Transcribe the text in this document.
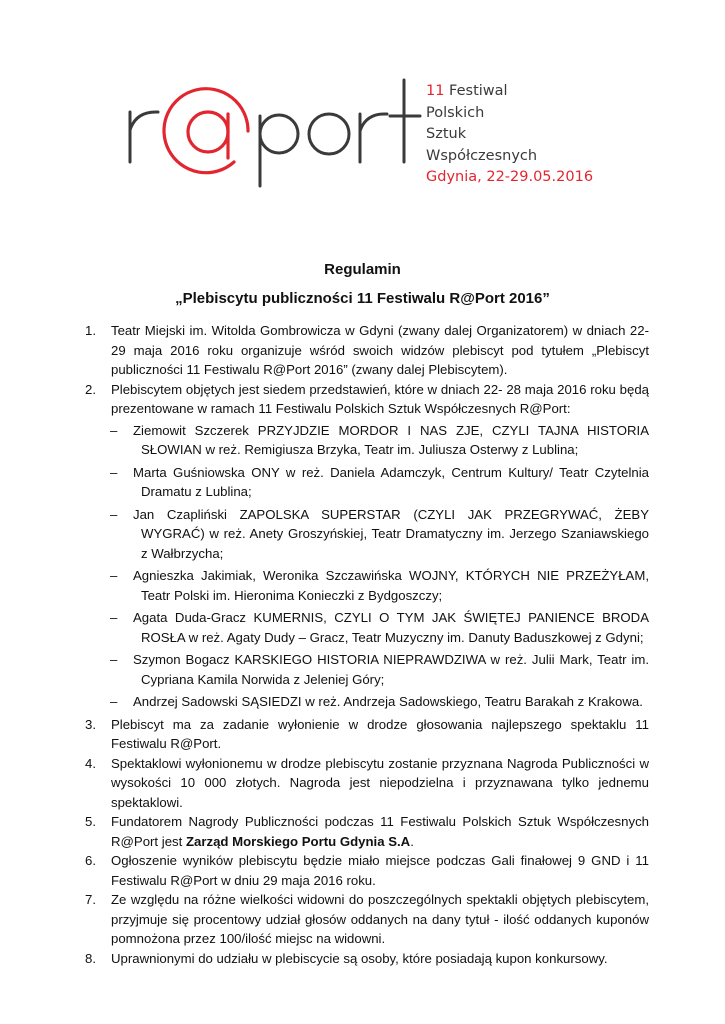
11 Festiwal
Polskich
Sztuk
Współczesnych
Gdynia, 22-29.05.2016
Regulamin
„Plebiscytu publiczności 11 Festiwalu R@Port 2016”
1. Teatr Miejski im. Witolda Gombrowicza w Gdyni (zwany dalej Organizatorem) w dniach 22-29 maja 2016 roku organizuje wśród swoich widzów plebiscyt pod tytułem „Plebiscyt publiczności 11 Festiwalu R@Port 2016” (zwany dalej Plebiscytem).
2. Plebiscytem objętych jest siedem przedstawień, które w dniach 22- 28 maja 2016 roku będą prezentowane w ramach 11 Festiwalu Polskich Sztuk Współczesnych R@Port:
– Ziemowit Szczerek PRZYJDZIE MORDOR I NAS ZJE, CZYLI TAJNA HISTORIA SŁOWIAN w reż. Remigiusza Brzyka, Teatr im. Juliusza Osterwy z Lublina;
– Marta Guśniowska ONY w reż. Daniela Adamczyk, Centrum Kultury/ Teatr Czytelnia Dramatu z Lublina;
– Jan Czapliński ZAPOLSKA SUPERSTAR (CZYLI JAK PRZEGRYWAĆ, ŻEBY WYGRAĆ) w reż. Anety Groszyńskiej, Teatr Dramatyczny im. Jerzego Szaniawskiego z Wałbrzycha;
– Agnieszka Jakimiak, Weronika Szczawińska WOJNY, KTÓRYCH NIE PRZEŻYŁAM, Teatr Polski im. Hieronima Konieczki z Bydgoszczy;
– Agata Duda-Gracz KUMERNIS, CZYLI O TYM JAK ŚWIĘTEJ PANIENCE BRODA ROSŁA w reż. Agaty Dudy – Gracz, Teatr Muzyczny im. Danuty Baduszkowej z Gdyni;
– Szymon Bogacz KARSKIEGO HISTORIA NIEPRAWDZIWA w reż. Julii Mark, Teatr im. Cypriana Kamila Norwida z Jeleniej Góry;
– Andrzej Sadowski SĄSIEDZI w reż. Andrzeja Sadowskiego, Teatru Barakah z Krakowa.
3. Plebiscyt ma za zadanie wyłonienie w drodze głosowania najlepszego spektaklu 11 Festiwalu R@Port.
4. Spektaklowi wyłonionemu w drodze plebiscytu zostanie przyznana Nagroda Publiczności w wysokości 10 000 złotych. Nagroda jest niepodzielna i przyznawana tylko jednemu spektaklowi.
5. Fundatorem Nagrody Publiczności podczas 11 Festiwalu Polskich Sztuk Współczesnych R@Port jest Zarząd Morskiego Portu Gdynia S.A.
6. Ogłoszenie wyników plebiscytu będzie miało miejsce podczas Gali finałowej 9 GND i 11 Festiwalu R@Port w dniu 29 maja 2016 roku.
7. Ze względu na różne wielkości widowni do poszczególnych spektakli objętych plebiscytem, przyjmuje się procentowy udział głosów oddanych na dany tytuł - ilość oddanych kuponów pomnożona przez 100/ilość miejsc na widowni.
8. Uprawnionymi do udziału w plebiscycie są osoby, które posiadają kupon konkursowy.
